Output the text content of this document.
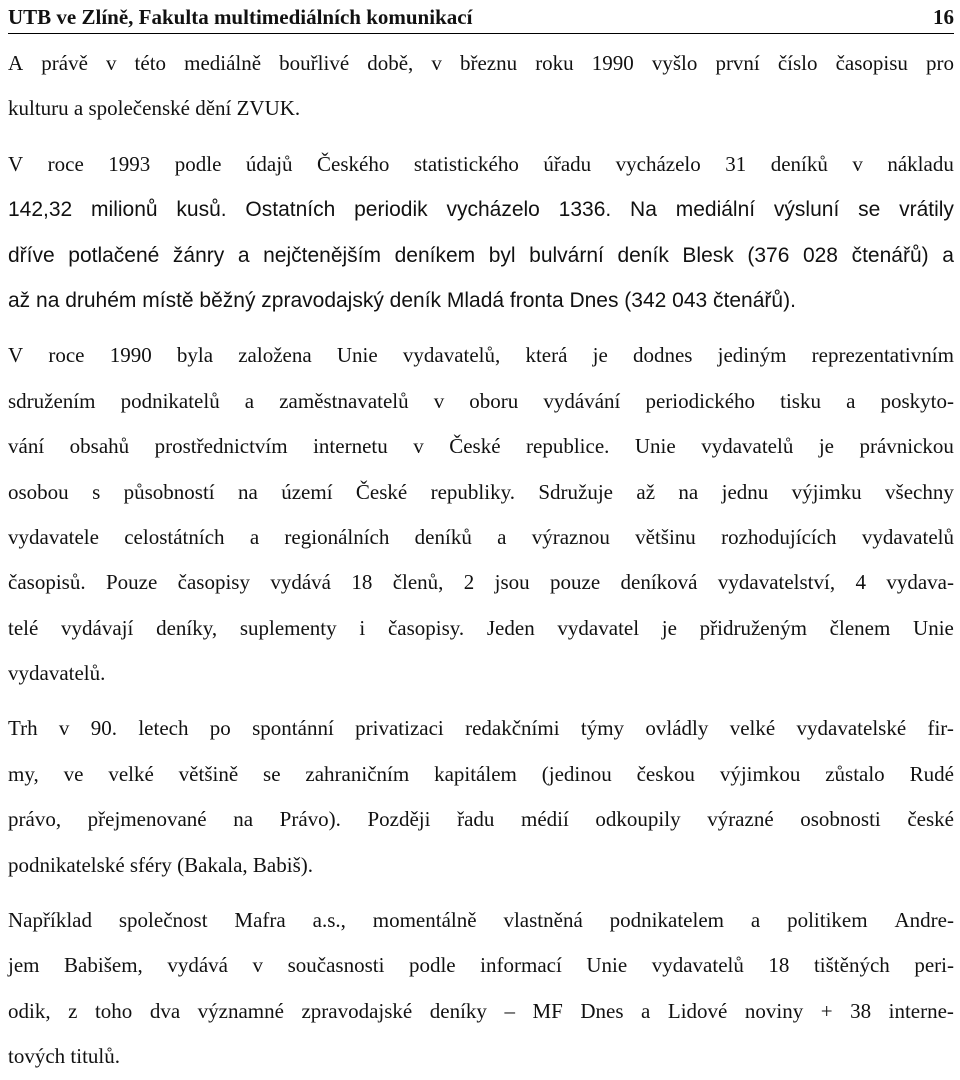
UTB ve Zlíně, Fakulta multimediálních komunikací	16
A právě v této mediálně bouřlivé době, v březnu roku 1990 vyšlo první číslo časopisu pro
kulturu a společenské dění ZVUK.
V roce 1993 podle údajů Českého statistického úřadu vycházelo 31 deníků v nákladu
142,32 milionů kusů. Ostatních periodik vycházelo 1336. Na mediální výsluní se vrátily
dříve potlačené žánry a nejčtenějším deníkem byl bulvární deník Blesk (376 028 čtenářů) a
až na druhém místě běžný zpravodajský deník Mladá fronta Dnes (342 043 čtenářů).
V roce 1990 byla založena Unie vydavatelů, která je dodnes jediným reprezentativním
sdružením podnikatelů a zaměstnavatelů v oboru vydávání periodického tisku a poskyto-
vání obsahů prostřednictvím internetu v České republice. Unie vydavatelů je právnickou
osobou s působností na území České republiky. Sdružuje až na jednu výjimku všechny
vydavatele celostátních a regionálních deníků a výraznou většinu rozhodujících vydavatelů
časopisů. Pouze časopisy vydává 18 členů, 2 jsou pouze deníková vydavatelství, 4 vydava-
telé vydávají deníky, suplementy i časopisy. Jeden vydavatel je přidruženým členem Unie
vydavatelů.
Trh v 90. letech po spontánní privatizaci redakčními týmy ovládly velké vydavatelské fir-
my, ve velké většině se zahraničním kapitálem (jedinou českou výjimkou zůstalo Rudé
právo, přejmenované na Právo). Později řadu médií odkoupily výrazné osobnosti české
podnikatelské sféry (Bakala, Babiš).
Například společnost Mafra a.s., momentálně vlastněná podnikatelem a politikem Andre-
jem Babišem, vydává v současnosti podle informací Unie vydavatelů 18 tištěných peri-
odik, z toho dva významné zpravodajské deníky – MF Dnes a Lidové noviny + 38 interne-
tových titulů.
